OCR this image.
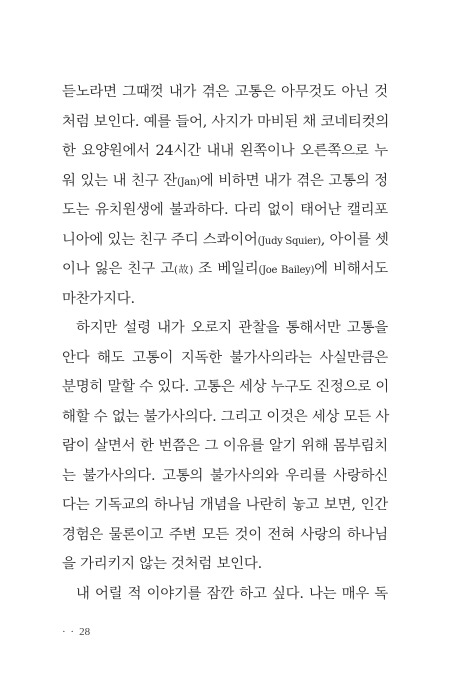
듣노라면 그때껏 내가 겪은 고통은 아무것도 아닌 것
처럼 보인다. 예를 들어, 사지가 마비된 채 코네티컷의
한 요양원에서 24시간 내내 왼쪽이나 오른쪽으로 누
워 있는 내 친구 잔(Jan)에 비하면 내가 겪은 고통의 정
도는 유치원생에 불과하다. 다리 없이 태어난 캘리포
니아에 있는 친구 주디 스콰이어(Judy Squier), 아이를 셋
이나 잃은 친구 고(故) 조 베일리(Joe Bailey)에 비해서도
마찬가지다.
하지만 설령 내가 오로지 관찰을 통해서만 고통을
안다 해도 고통이 지독한 불가사의라는 사실만큼은
분명히 말할 수 있다. 고통은 세상 누구도 진정으로 이
해할 수 없는 불가사의다. 그리고 이것은 세상 모든 사
람이 살면서 한 번쯤은 그 이유를 알기 위해 몸부림치
는 불가사의다. 고통의 불가사의와 우리를 사랑하신
다는 기독교의 하나님 개념을 나란히 놓고 보면, 인간
경험은 물론이고 주변 모든 것이 전혀 사랑의 하나님
을 가리키지 않는 것처럼 보인다.
내 어릴 적 이야기를 잠깐 하고 싶다. 나는 매우 독
· · 28
